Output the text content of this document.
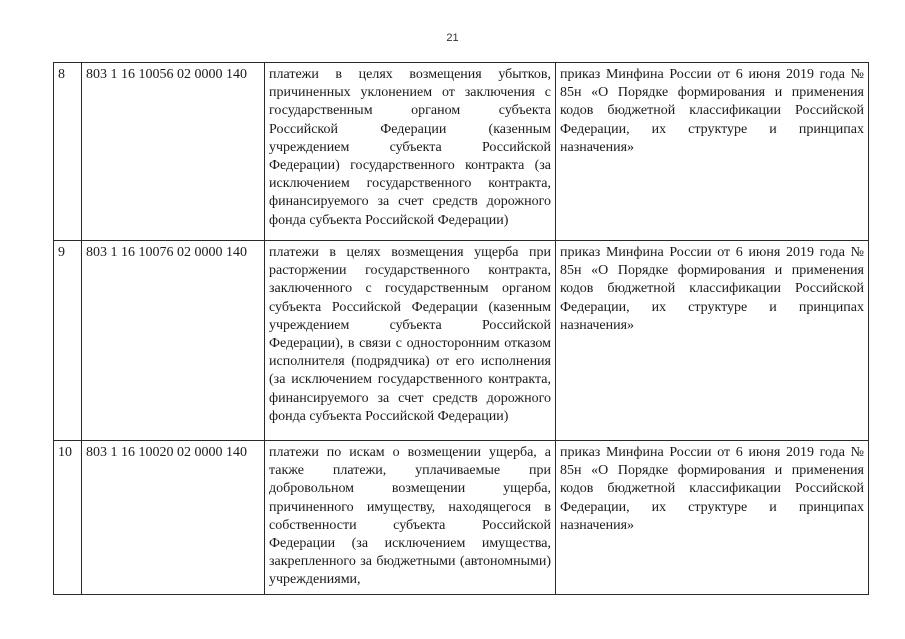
21
8	803 1 16 10056 02 0000 140	платежи в целях возмещения убытков, причиненных уклонением от заключения с государственным органом субъекта Российской Федерации (казенным учреждением субъекта Российской Федерации) государственного контракта (за исключением государственного контракта, финансируемого за счет средств дорожного фонда субъекта Российской Федерации)	приказ Минфина России от 6 июня 2019 года № 85н «О Порядке формирования и применения кодов бюджетной классификации Российской Федерации, их структуре и принципах назначения»
9	803 1 16 10076 02 0000 140	платежи в целях возмещения ущерба при расторжении государственного контракта, заключенного с государственным органом субъекта Российской Федерации (казенным учреждением субъекта Российской Федерации), в связи с односторонним отказом исполнителя (подрядчика) от его исполнения (за исключением государственного контракта, финансируемого за счет средств дорожного фонда субъекта Российской Федерации)	приказ Минфина России от 6 июня 2019 года № 85н «О Порядке формирования и применения кодов бюджетной классификации Российской Федерации, их структуре и принципах назначения»
10	803 1 16 10020 02 0000 140	платежи по искам о возмещении ущерба, а также платежи, уплачиваемые при добровольном возмещении ущерба, причиненного имуществу, находящегося в собственности субъекта Российской Федерации (за исключением имущества, закрепленного за бюджетными (автономными) учреждениями,	приказ Минфина России от 6 июня 2019 года № 85н «О Порядке формирования и применения кодов бюджетной классификации Российской Федерации, их структуре и принципах назначения»
